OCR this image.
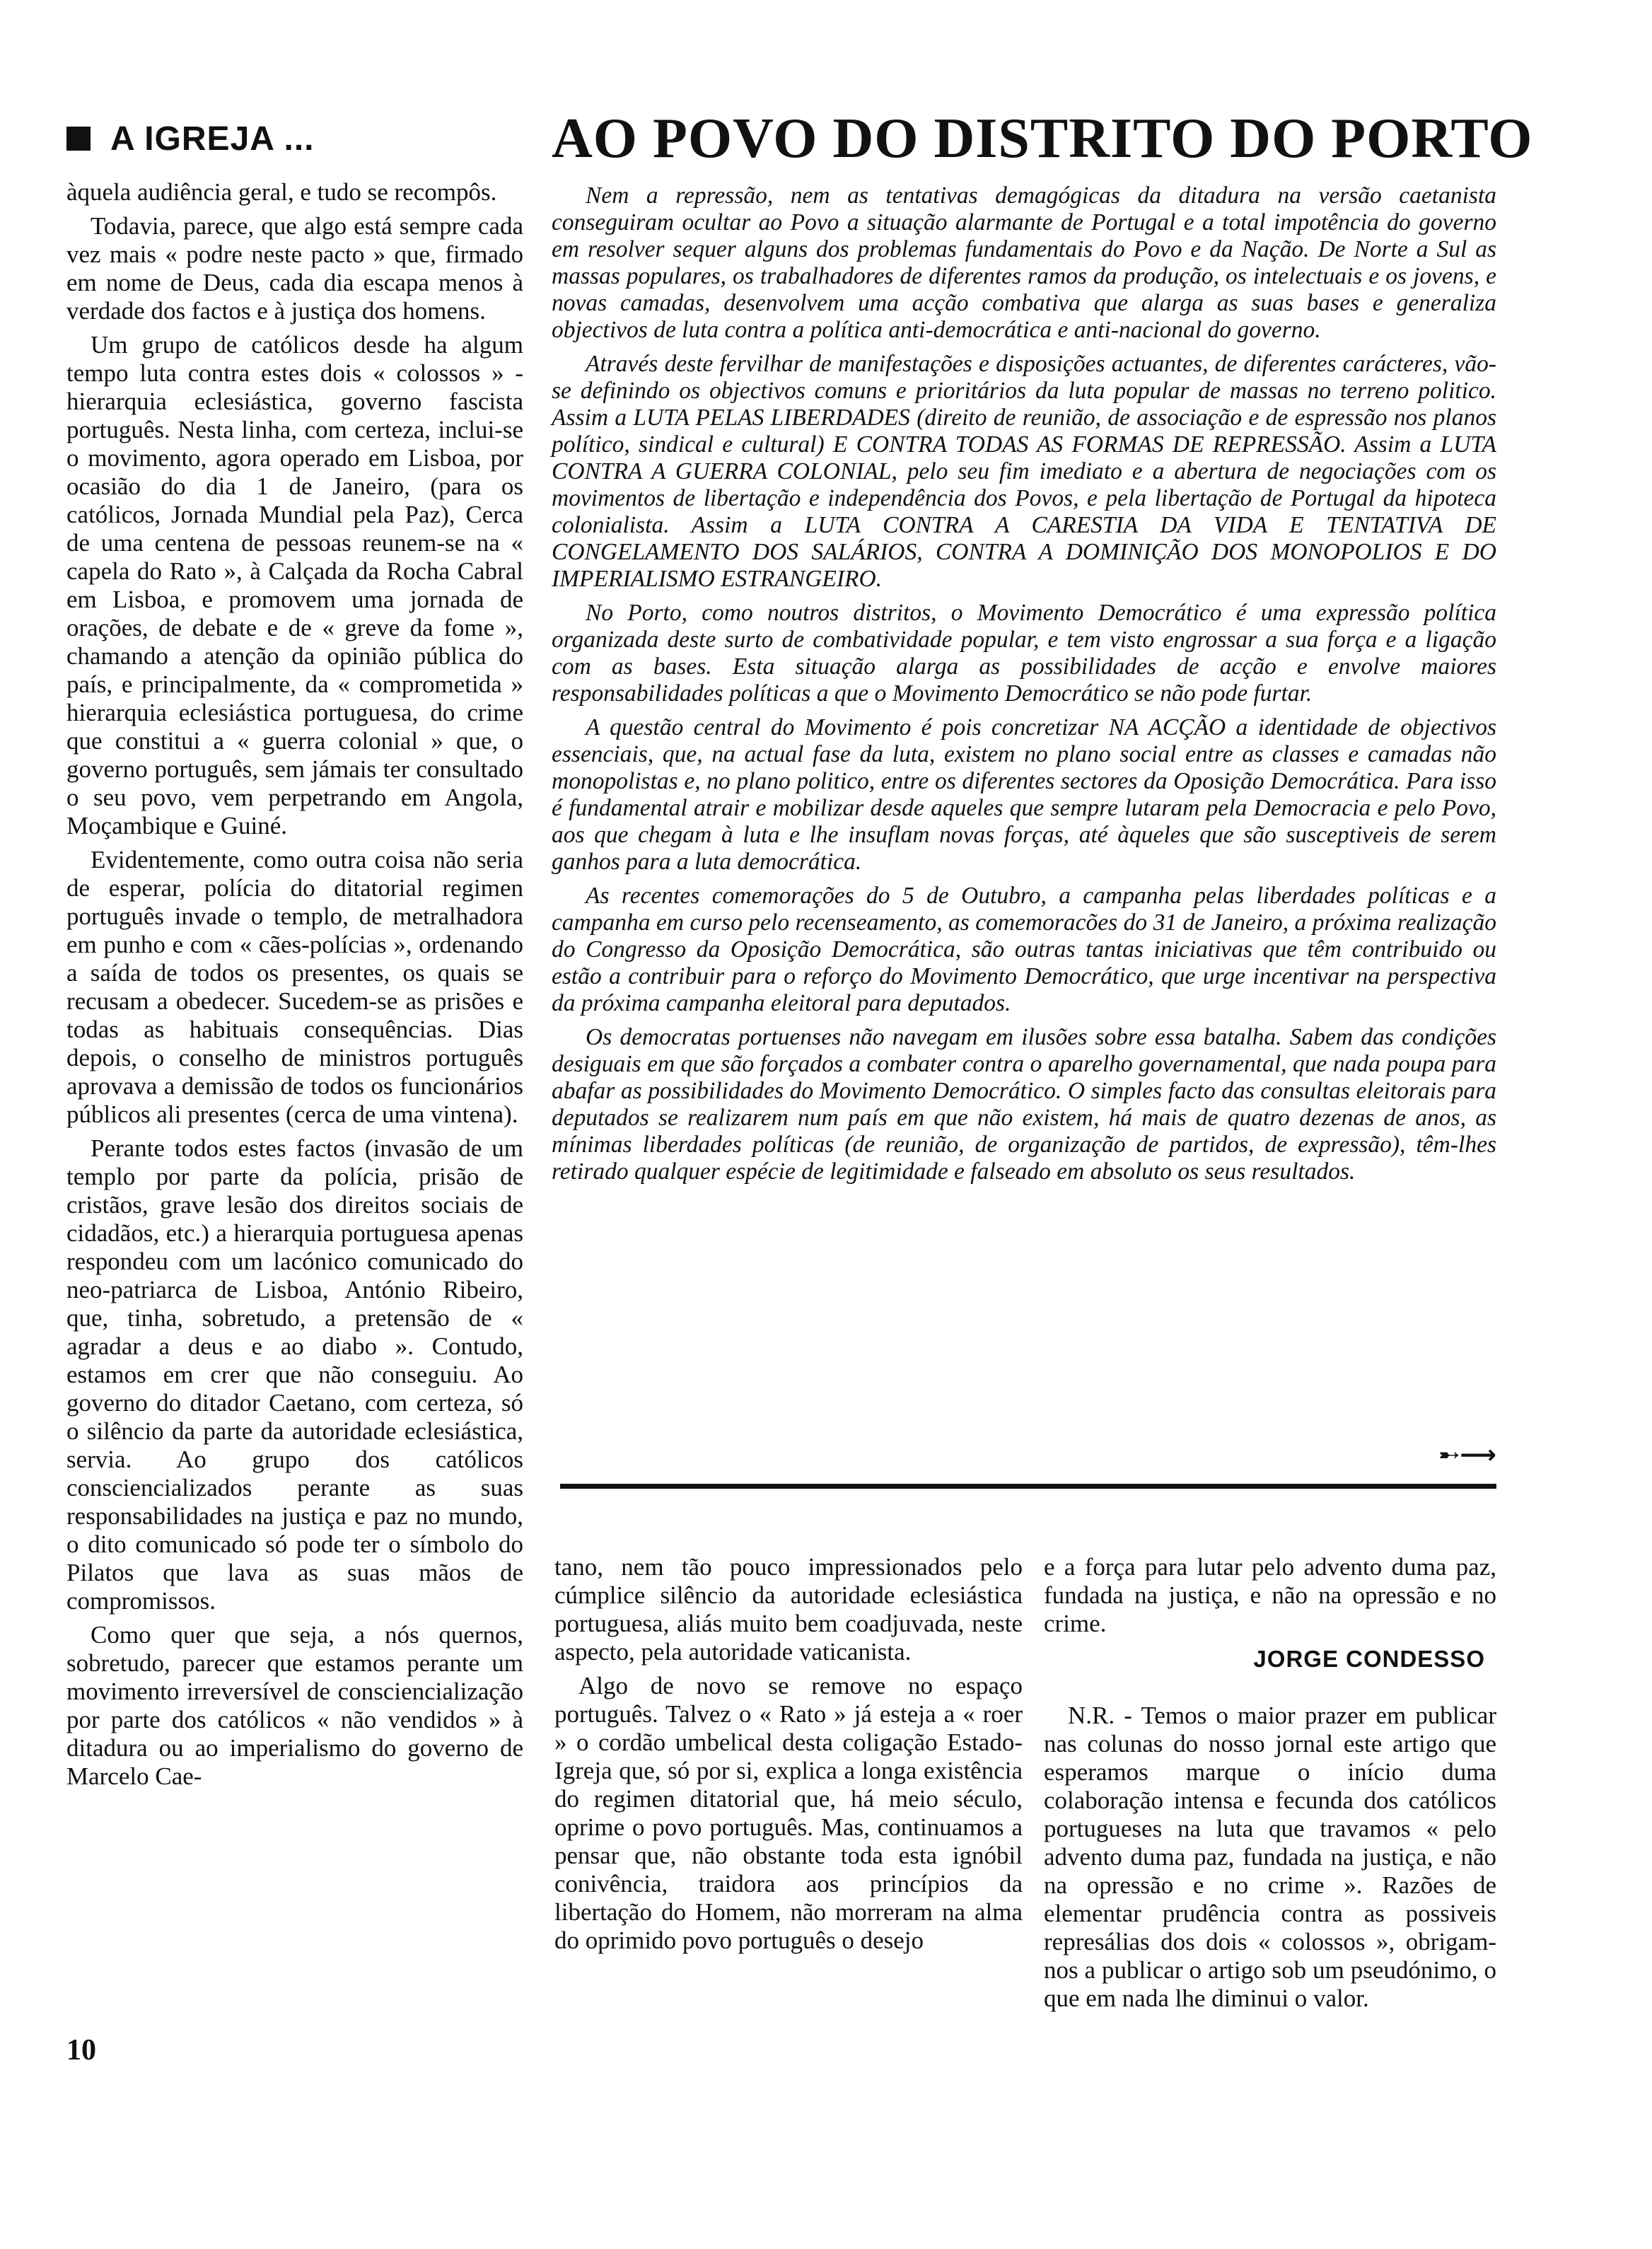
A IGREJA ...	AO POVO DO DISTRITO DO PORTO

àquela audiência geral, e tudo se recompôs.

Todavia, parece, que algo está sempre cada vez mais « podre neste pacto » que, firmado em nome de Deus, cada dia escapa menos à verdade dos factos e à justiça dos homens.

Um grupo de católicos desde ha algum tempo luta contra estes dois « colossos » - hierarquia eclesiástica, governo fascista português. Nesta linha, com certeza, inclui-se o movimento, agora operado em Lisboa, por ocasião do dia 1 de Janeiro, (para os católicos, Jornada Mundial pela Paz), Cerca de uma centena de pessoas reunem-se na « capela do Rato », à Calçada da Rocha Cabral em Lisboa, e promovem uma jornada de orações, de debate e de « greve da fome », chamando a atenção da opinião pública do país, e principalmente, da « comprometida » hierarquia eclesiástica portuguesa, do crime que constitui a « guerra colonial » que, o governo português, sem jámais ter consultado o seu povo, vem perpetrando em Angola, Moçambique e Guiné.

Evidentemente, como outra coisa não seria de esperar, polícia do ditatorial regimen português invade o templo, de metralhadora em punho e com « cães-polícias », ordenando a saída de todos os presentes, os quais se recusam a obedecer. Sucedem-se as prisões e todas as habituais consequências. Dias depois, o conselho de ministros português aprovava a demissão de todos os funcionários públicos ali presentes (cerca de uma vintena).

Perante todos estes factos (invasão de um templo por parte da polícia, prisão de cristãos, grave lesão dos direitos sociais de cidadãos, etc.) a hierarquia portuguesa apenas respondeu com um lacónico comunicado do neo-patriarca de Lisboa, António Ribeiro, que, tinha, sobretudo, a pretensão de « agradar a deus e ao diabo ». Contudo, estamos em crer que não conseguiu. Ao governo do ditador Caetano, com certeza, só o silêncio da parte da autoridade eclesiástica, servia. Ao grupo dos católicos consciencializados perante as suas responsabilidades na justiça e paz no mundo, o dito comunicado só pode ter o símbolo do Pilatos que lava as suas mãos de compromissos.

Como quer que seja, a nós quernos, sobretudo, parecer que estamos perante um movimento irreversível de consciencialização por parte dos católicos « não vendidos » à ditadura ou ao imperialismo do governo de Marcelo Cae-

Nem a repressão, nem as tentativas demagógicas da ditadura na versão caetanista conseguiram ocultar ao Povo a situação alarmante de Portugal e a total impotência do governo em resolver sequer alguns dos problemas fundamentais do Povo e da Nação. De Norte a Sul as massas populares, os trabalhadores de diferentes ramos da produção, os intelectuais e os jovens, e novas camadas, desenvolvem uma acção combativa que alarga as suas bases e generaliza objectivos de luta contra a política anti-democrática e anti-nacional do governo.

Através deste fervilhar de manifestações e disposições actuantes, de diferentes carácteres, vão-se definindo os objectivos comuns e prioritários da luta popular de massas no terreno politico. Assim a LUTA PELAS LIBERDADES (direito de reunião, de associação e de espressão nos planos político, sindical e cultural) E CONTRA TODAS AS FORMAS DE REPRESSÃO. Assim a LUTA CONTRA A GUERRA COLONIAL, pelo seu fim imediato e a abertura de negociações com os movimentos de libertação e independência dos Povos, e pela libertação de Portugal da hipoteca colonialista. Assim a LUTA CONTRA A CARESTIA DA VIDA E TENTATIVA DE CONGELAMENTO DOS SALÁRIOS, CONTRA A DOMINIÇÃO DOS MONOPOLIOS E DO IMPERIALISMO ESTRANGEIRO.

No Porto, como noutros distritos, o Movimento Democrático é uma expressão política organizada deste surto de combatividade popular, e tem visto engrossar a sua força e a ligação com as bases. Esta situação alarga as possibilidades de acção e envolve maiores responsabilidades políticas a que o Movimento Democrático se não pode furtar.

A questão central do Movimento é pois concretizar NA ACÇÃO a identidade de objectivos essenciais, que, na actual fase da luta, existem no plano social entre as classes e camadas não monopolistas e, no plano politico, entre os diferentes sectores da Oposição Democrática. Para isso é fundamental atrair e mobilizar desde aqueles que sempre lutaram pela Democracia e pelo Povo, aos que chegam à luta e lhe insuflam novas forças, até àqueles que são susceptiveis de serem ganhos para a luta democrática.

As recentes comemorações do 5 de Outubro, a campanha pelas liberdades políticas e a campanha em curso pelo recenseamento, as comemoracões do 31 de Janeiro, a próxima realização do Congresso da Oposição Democrática, são outras tantas iniciativas que têm contribuido ou estão a contribuir para o reforço do Movimento Democrático, que urge incentivar na perspectiva da próxima campanha eleitoral para deputados.

Os democratas portuenses não navegam em ilusões sobre essa batalha. Sabem das condições desiguais em que são forçados a combater contra o aparelho governamental, que nada poupa para abafar as possibilidades do Movimento Democrático. O simples facto das consultas eleitorais para deputados se realizarem num país em que não existem, há mais de quatro dezenas de anos, as mínimas liberdades políticas (de reunião, de organização de partidos, de expressão), têm-lhes retirado qualquer espécie de legitimidade e falseado em absoluto os seus resultados.

➸⟶

tano, nem tão pouco impressionados pelo cúmplice silêncio da autoridade eclesiástica portuguesa, aliás muito bem coadjuvada, neste aspecto, pela autoridade vaticanista.

Algo de novo se remove no espaço português. Talvez o « Rato » já esteja a « roer » o cordão umbelical desta coligação Estado-Igreja que, só por si, explica a longa existência do regimen ditatorial que, há meio século, oprime o povo português. Mas, continuamos a pensar que, não obstante toda esta ignóbil conivência, traidora aos princípios da libertação do Homem, não morreram na alma do oprimido povo português o desejo

e a força para lutar pelo advento duma paz, fundada na justiça, e não na opressão e no crime.

JORGE CONDESSO

N.R. - Temos o maior prazer em publicar nas colunas do nosso jornal este artigo que esperamos marque o início duma colaboração intensa e fecunda dos católicos portugueses na luta que travamos « pelo advento duma paz, fundada na justiça, e não na opressão e no crime ». Razões de elementar prudência contra as possiveis represálias dos dois « colossos », obrigam-nos a publicar o artigo sob um pseudónimo, o que em nada lhe diminui o valor.

10
